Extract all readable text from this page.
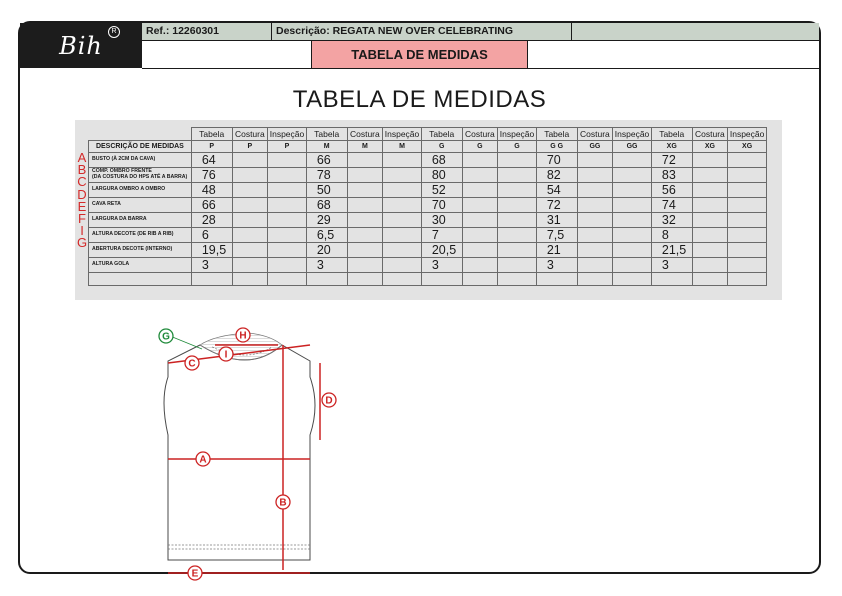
Bih	R	Ref.: 12260301	Descrição: REGATA NEW OVER CELEBRATING
TABELA DE MEDIDAS
TABELA DE MEDIDAS
	Tabela	Costura	Inspeção	Tabela	Costura	Inspeção	Tabela	Costura	Inspeção	Tabela	Costura	Inspeção	Tabela	Costura	Inspeção
DESCRIÇÃO DE MEDIDAS	P	P	P	M	M	M	G	G	G	G G	GG	GG	XG	XG	XG
BUSTO (À 2CM DA CAVA)	64			66			68			70			72		
COMP. OMBRO FRENTE
(DA COSTURA DO HPS ATÉ A BARRA)	76			78			80			82			83		
LARGURA OMBRO A OMBRO	48			50			52			54			56		
CAVA RETA	66			68			70			72			74		
LARGURA DA BARRA	28			29			30			31			32		
ALTURA DECOTE (DE RIB A RIB)	6			6,5			7			7,5			8		
ABERTURA DECOTE (INTERNO)	19,5			20			20,5			21			21,5		
ALTURA GOLA	3			3			3			3			3		

A
B
C
D
E
F
I
G
G	H
I
C
D
A
B
E
